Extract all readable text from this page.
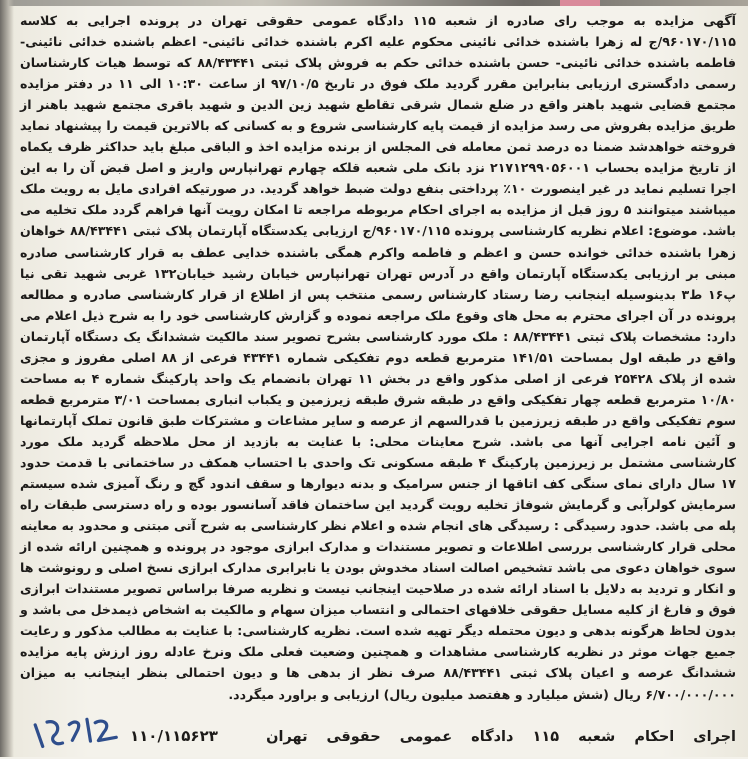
آگهی مزایده به موجب رای صادره از شعبه ۱۱۵ دادگاه عمومی حقوقی تهران در پرونده اجرایی به کلاسه ۹۶۰۱۷۰/۱۱۵/ج له زهرا باشنده خدائی نائینی محکوم علیه اکرم باشنده خدائی نائینی- اعظم باشنده خدائی نائینی- فاطمه باشنده خدائی نائینی- حسن باشنده خدائی حکم به فروش پلاک ثبتی ۸۸/۴۳۴۴۱ که توسط هیات کارشناسان رسمی دادگستری ارزیابی بنابراین مقرر گردید ملک فوق در تاریخ ۹۷/۱۰/۵ از ساعت ۱۰:۳۰ الی ۱۱ در دفتر مزایده مجتمع قضایی شهید باهنر واقع در ضلع شمال شرقی تقاطع شهید زین الدین و شهید باقری مجتمع شهید باهنر از طریق مزایده بفروش می رسد مزایده از قیمت پایه کارشناسی شروع و به کسانی که بالاترین قیمت را پیشنهاد نماید فروخته خواهدشد ضمنا ده درصد ثمن معامله فی المجلس از برنده مزایده اخذ و الباقی مبلغ باید حداکثر ظرف یکماه از تاریخ مزایده بحساب ۲۱۷۱۲۹۹۰۵۶۰۰۱ نزد بانک ملی شعبه قلکه چهارم تهرانپارس واریز و اصل قبض آن را به این اجرا تسلیم نماید در غیر اینصورت ۱۰٪ پرداختی بنفع دولت ضبط خواهد گردید. در صورتیکه افرادی مایل به رویت ملک میباشند میتوانند ۵ روز قبل از مزایده به اجرای احکام مربوطه مراجعه تا امکان رویت آنها فراهم گردد ملک تخلیه می باشد. موضوع: اعلام نظریه کارشناسی پرونده ۹۶۰۱۷۰/۱۱۵/ج ارزیابی یکدستگاه آپارتمان پلاک ثبتی ۸۸/۴۳۴۴۱ خواهان زهرا باشنده خدائی خوانده حسن و اعظم و فاطمه واکرم همگی باشنده خدایی عطف به قرار کارشناسی صادره مبنی بر ارزیابی یکدستگاه آپارتمان واقع در آدرس تهران تهرانپارس خیابان رشید خیابان۱۳۲ غربی شهید تقی نیا پ۱۶ ط۳ بدینوسیله اینجانب رضا رستاد کارشناس رسمی منتخب پس از اطلاع از قرار کارشناسی صادره و مطالعه پرونده در آن اجرای محترم به محل های وقوع ملک مراجعه نموده و گزارش کارشناسی خود را به شرح ذیل اعلام می دارد: مشخصات پلاک ثبتی ۸۸/۴۳۴۴۱ : ملک مورد کارشناسی بشرح تصویر سند مالکیت ششدانگ یک دستگاه آپارتمان واقع در طبقه اول بمساحت ۱۴۱/۵۱ مترمربع قطعه دوم تفکیکی شماره ۴۳۴۴۱ فرعی از ۸۸ اصلی مفروز و مجزی شده از پلاک ۲۵۴۲۸ فرعی از اصلی مذکور واقع در بخش ۱۱ تهران بانضمام یک واحد پارکینگ شماره ۴ به مساحت ۱۰/۸۰ مترمربع قطعه چهار تفکیکی واقع در طبقه شرق طبقه زیرزمین و یکباب انباری بمساحت ۳/۰۱ مترمربع قطعه سوم تفکیکی واقع در طبقه زیرزمین با قدرالسهم از عرصه و سایر مشاعات و مشترکات طبق قانون تملک آپارتمانها و آئین نامه اجرایی آنها می باشد. شرح معاینات محلی: با عنایت به بازدید از محل ملاحظه گردید ملک مورد کارشناسی مشتمل بر زیرزمین پارکینگ ۴ طبقه مسکونی تک واحدی با احتساب همکف در ساختمانی با قدمت حدود ۱۷ سال دارای نمای سنگی کف اتاقها از جنس سرامیک و بدنه دیوارها و سقف اندود گچ و رنگ آمیزی شده سیستم سرمایش کولرآبی و گرمایش شوفاژ تخلیه رویت گردید این ساختمان فاقد آسانسور بوده و راه دسترسی طبقات راه پله می باشد. حدود رسیدگی : رسیدگی های انجام شده و اعلام نظر کارشناسی به شرح آتی مبتنی و محدود به معاینه محلی قرار کارشناسی بررسی اطلاعات و تصویر مستندات و مدارک ابرازی موجود در پرونده و همچنین ارائه شده از سوی خواهان دعوی می باشد تشخیص اصالت اسناد مخدوش بودن یا نابرابری مدارک ابرازی نسخ اصلی و رونوشت ها و انکار و تردید به دلایل با اسناد ارائه شده در صلاحیت اینجانب نیست و نظریه صرفا براساس تصویر مستندات ابرازی فوق و فارغ از کلیه مسایل حقوقی خلافهای احتمالی و انتساب میزان سهام و مالکیت به اشخاص ذیمدخل می باشد و بدون لحاظ هرگونه بدهی و دیون محتمله دیگر تهیه شده است. نظریه کارشناسی: با عنایت به مطالب مذکور و رعایت جمیع جهات موثر در نظریه کارشناسی مشاهدات و همچنین وضعیت فعلی ملک ونرخ عادله روز ارزش پایه مزایده ششدانگ عرصه و اعیان پلاک ثبتی ۸۸/۴۳۴۴۱ صرف نظر از بدهی ها و دیون احتمالی بنظر اینجانب به میزان ۶/۷۰۰/۰۰۰/۰۰۰ ریال (شش میلیارد و هفتصد میلیون ریال) ارزیابی و براورد میگردد.
اجرای احکام شعبه ۱۱۵ دادگاه عمومی حقوقی تهران
۱۱۰/۱۱۵۶۲۳
